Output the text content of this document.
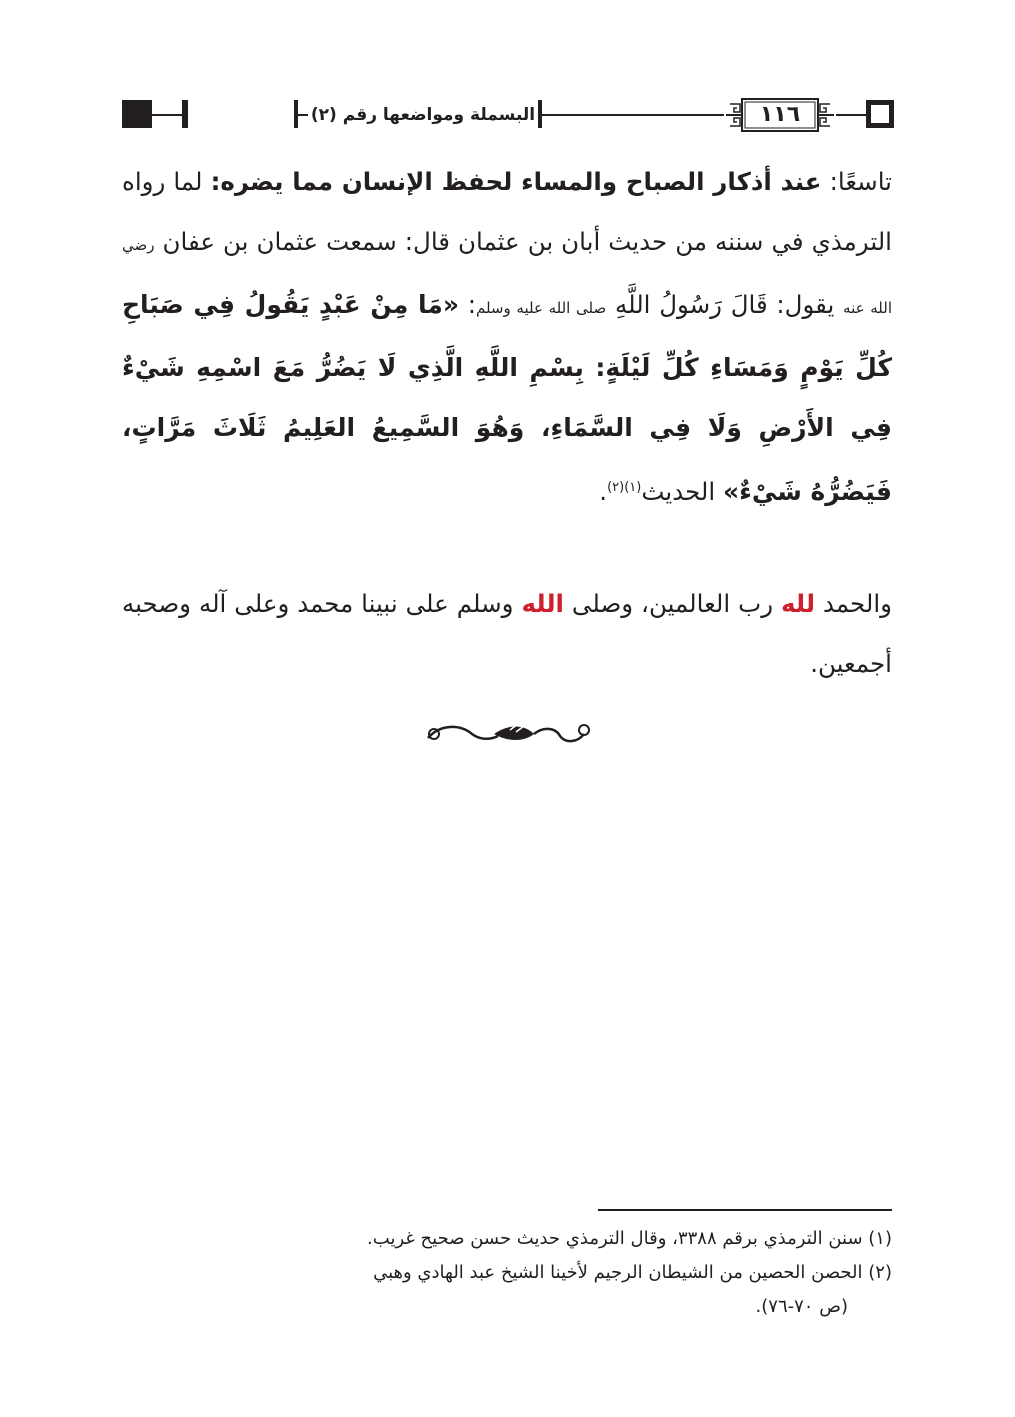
البسملة ومواضعها رقم (٢)	١١٦
تاسعًا: عند أذكار الصباح والمساء لحفظ الإنسان مما يضره: لما رواه الترمذي في سننه من حديث أبان بن عثمان قال: سمعت عثمان بن عفان رضي الله عنه يقول: قَالَ رَسُولُ اللَّهِ صلى الله عليه وسلم: «مَا مِنْ عَبْدٍ يَقُولُ فِي صَبَاحِ كُلِّ يَوْمٍ وَمَسَاءِ كُلِّ لَيْلَةٍ: بِسْمِ اللَّهِ الَّذِي لَا يَضُرُّ مَعَ اسْمِهِ شَيْءٌ فِي الأَرْضِ وَلَا فِي السَّمَاءِ، وَهُوَ السَّمِيعُ العَلِيمُ ثَلَاثَ مَرَّاتٍ، فَيَضُرُّهُ شَيْءٌ» الحديث$^{(١)(٢)}$.
والحمد لله رب العالمين، وصلى الله وسلم على نبينا محمد وعلى آله وصحبه أجمعين.
(١) سنن الترمذي برقم ٣٣٨٨، وقال الترمذي حديث حسن صحيح غريب.
(٢) الحصن الحصين من الشيطان الرجيم لأخينا الشيخ عبد الهادي وهبي
(ص ٧٠-٧٦).
